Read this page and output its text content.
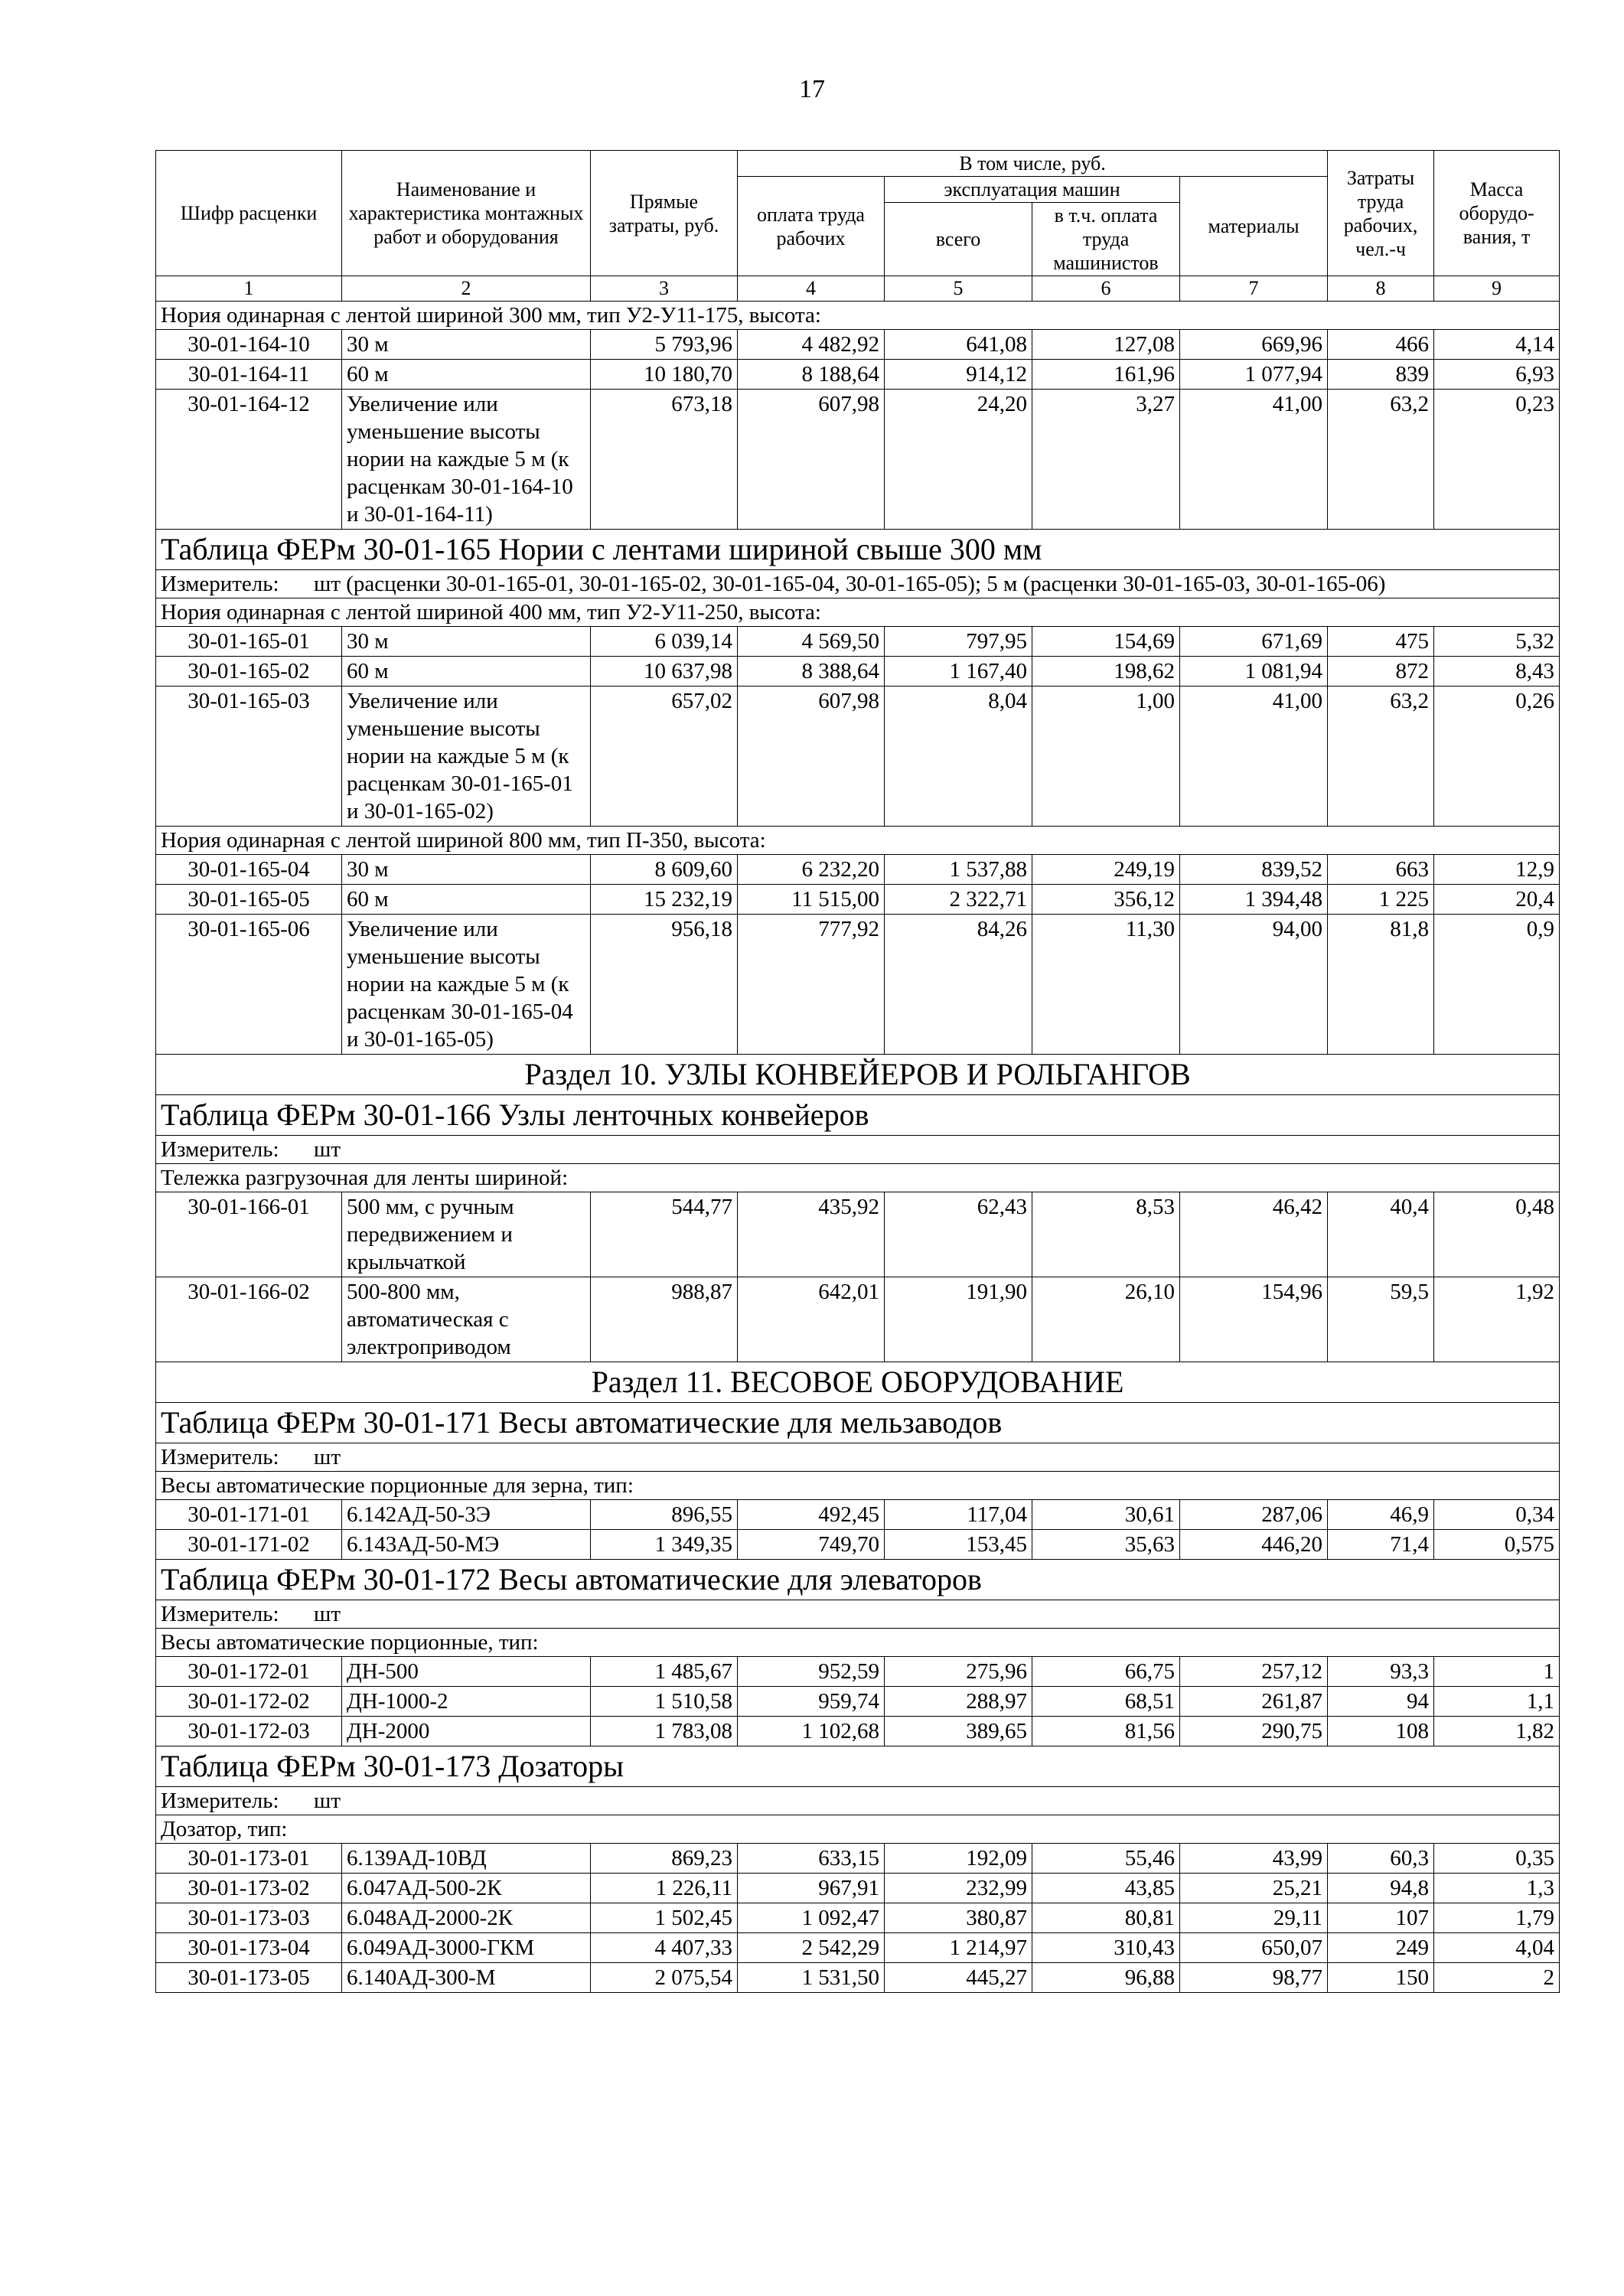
17
Шифр расценки	Наименование и характеристика монтажных работ и оборудования	Прямые затраты, руб.	В том числе, руб.				Затраты труда рабочих, чел.-ч	Масса оборудо-вания, т
			оплата труда рабочих	эксплуатация машин		материалы		
				всего	в т.ч. оплата труда машинистов			
1	2	3	4	5	6	7	8	9
Нория одинарная с лентой шириной 300 мм, тип У2-У11-175, высота:								
30-01-164-10	30 м	5 793,96	4 482,92	641,08	127,08	669,96	466	4,14
30-01-164-11	60 м	10 180,70	8 188,64	914,12	161,96	1 077,94	839	6,93
30-01-164-12	Увеличение или уменьшение высоты нории на каждые 5 м (к расценкам 30-01-164-10 и 30-01-164-11)	673,18	607,98	24,20	3,27	41,00	63,2	0,23
Таблица ФЕРм 30-01-165 Нории с лентами шириной свыше 300 мм								

Измеритель: шт (расценки 30-01-165-01, 30-01-165-02, 30-01-165-04, 30-01-165-05); 5 м (расценки 30-01-165-03, 30-01-165-06)								

Нория одинарная с лентой шириной 400 мм, тип У2-У11-250, высота:								
30-01-165-01	30 м	6 039,14	4 569,50	797,95	154,69	671,69	475	5,32
30-01-165-02	60 м	10 637,98	8 388,64	1 167,40	198,62	1 081,94	872	8,43
30-01-165-03	Увеличение или уменьшение высоты нории на каждые 5 м (к расценкам 30-01-165-01 и 30-01-165-02)	657,02	607,98	8,04	1,00	41,00	63,2	0,26
Нория одинарная с лентой шириной 800 мм, тип П-350, высота:								
30-01-165-04	30 м	8 609,60	6 232,20	1 537,88	249,19	839,52	663	12,9
30-01-165-05	60 м	15 232,19	11 515,00	2 322,71	356,12	1 394,48	1 225	20,4
30-01-165-06	Увеличение или уменьшение высоты нории на каждые 5 м (к расценкам 30-01-165-04 и 30-01-165-05)	956,18	777,92	84,26	11,30	94,00	81,8	0,9
Раздел 10. УЗЛЫ КОНВЕЙЕРОВ И РОЛЬГАНГОВ								
Таблица ФЕРм 30-01-166 Узлы ленточных конвейеров								

Измеритель: шт								

Тележка разгрузочная для ленты шириной:								
30-01-166-01	500 мм, с ручным передвижением и крыльчаткой	544,77	435,92	62,43	8,53	46,42	40,4	0,48
30-01-166-02	500-800 мм, автоматическая с электроприводом	988,87	642,01	191,90	26,10	154,96	59,5	1,92
Раздел 11. ВЕСОВОЕ ОБОРУДОВАНИЕ								
Таблица ФЕРм 30-01-171 Весы автоматические для мельзаводов								

Измеритель: шт								

Весы автоматические порционные для зерна, тип:								
30-01-171-01	6.142АД-50-3Э	896,55	492,45	117,04	30,61	287,06	46,9	0,34
30-01-171-02	6.143АД-50-МЭ	1 349,35	749,70	153,45	35,63	446,20	71,4	0,575
Таблица ФЕРм 30-01-172 Весы автоматические для элеваторов								

Измеритель: шт								

Весы автоматические порционные, тип:								
30-01-172-01	ДН-500	1 485,67	952,59	275,96	66,75	257,12	93,3	1
30-01-172-02	ДН-1000-2	1 510,58	959,74	288,97	68,51	261,87	94	1,1
30-01-172-03	ДН-2000	1 783,08	1 102,68	389,65	81,56	290,75	108	1,82
Таблица ФЕРм 30-01-173 Дозаторы								

Измеритель: шт								

Дозатор, тип:								
30-01-173-01	6.139АД-10ВД	869,23	633,15	192,09	55,46	43,99	60,3	0,35
30-01-173-02	6.047АД-500-2К	1 226,11	967,91	232,99	43,85	25,21	94,8	1,3
30-01-173-03	6.048АД-2000-2К	1 502,45	1 092,47	380,87	80,81	29,11	107	1,79
30-01-173-04	6.049АД-3000-ГКМ	4 407,33	2 542,29	1 214,97	310,43	650,07	249	4,04
30-01-173-05	6.140АД-300-М	2 075,54	1 531,50	445,27	96,88	98,77	150	2
